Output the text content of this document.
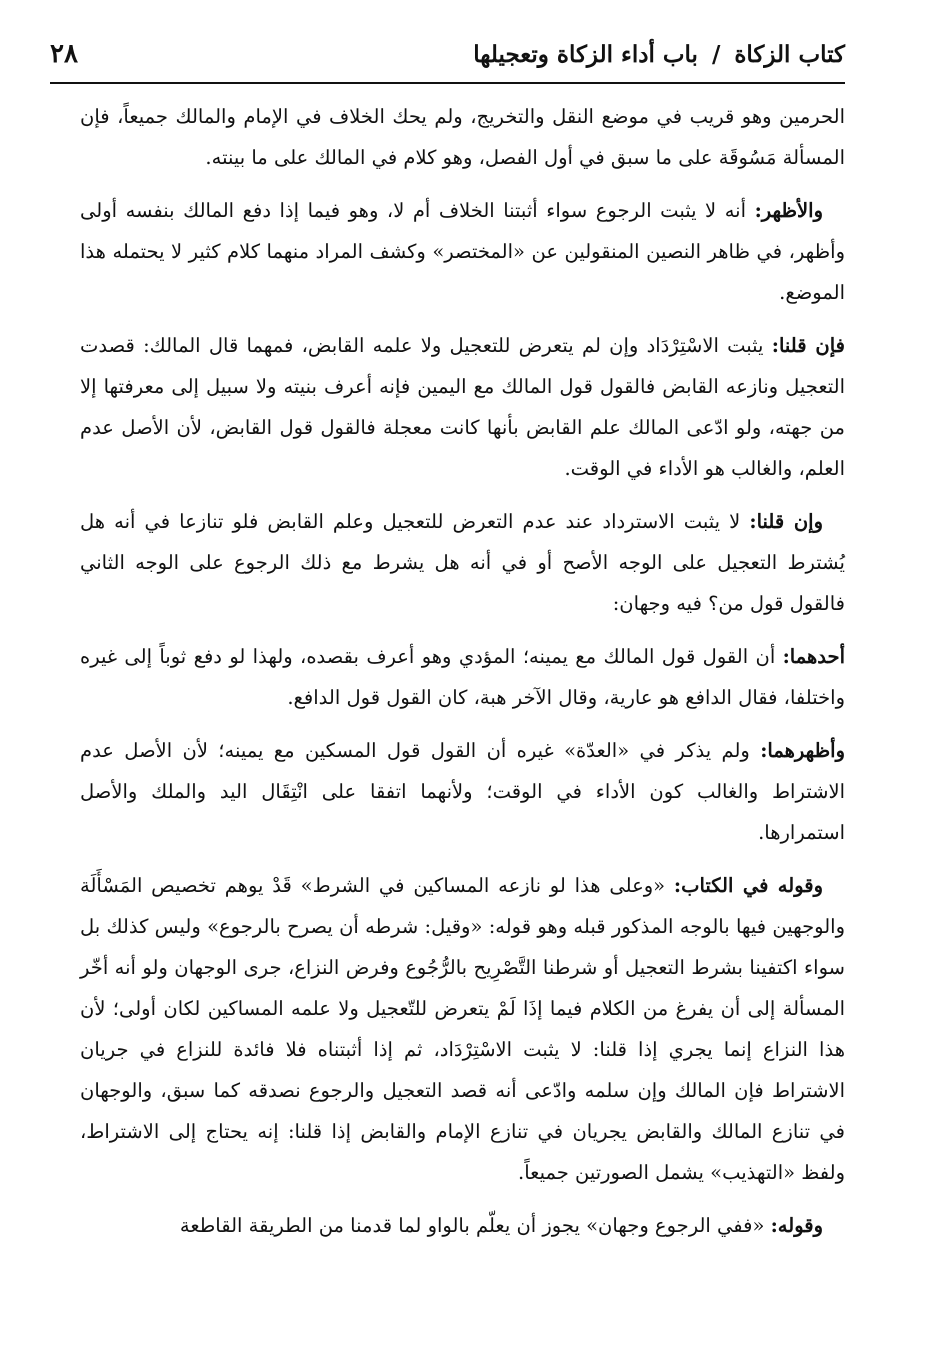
كتاب الزكاة
/
باب أداء الزكاة وتعجيلها
٢٨

الحرمين وهو قريب في موضع النقل والتخريج، ولم يحك الخلاف في الإمام والمالك جميعاً، فإن المسألة مَسُوقَة على ما سبق في أول الفصل، وهو كلام في المالك على ما بينته.

والأظهر: أنه لا يثبت الرجوع سواء أثبتنا الخلاف أم لا، وهو فيما إذا دفع المالك بنفسه أولى وأظهر، في ظاهر النصين المنقولين عن «المختصر» وكشف المراد منهما كلام كثير لا يحتمله هذا الموضع.

فإن قلنا: يثبت الاسْتِرْدَاد وإن لم يتعرض للتعجيل ولا علمه القابض، فمهما قال المالك: قصدت التعجيل ونازعه القابض فالقول قول المالك مع اليمين فإنه أعرف بنيته ولا سبيل إلى معرفتها إلا من جهته، ولو ادّعى المالك علم القابض بأنها كانت معجلة فالقول قول القابض، لأن الأصل عدم العلم، والغالب هو الأداء في الوقت.

وإن قلنا: لا يثبت الاسترداد عند عدم التعرض للتعجيل وعلم القابض فلو تنازعا في أنه هل يُشترط التعجيل على الوجه الأصح أو في أنه هل يشرط مع ذلك الرجوع على الوجه الثاني فالقول قول من؟ فيه وجهان:

أحدهما: أن القول قول المالك مع يمينه؛ المؤدي وهو أعرف بقصده، ولهذا لو دفع ثوباً إلى غيره واختلفا، فقال الدافع هو عارية، وقال الآخر هبة، كان القول قول الدافع.

وأظهرهما: ولم يذكر في «العدّة» غيره أن القول قول المسكين مع يمينه؛ لأن الأصل عدم الاشتراط والغالب كون الأداء في الوقت؛ ولأنهما اتفقا على انْتِقَال اليد والملك والأصل استمرارها.

وقوله في الكتاب: «وعلى هذا لو نازعه المساكين في الشرط» قَدْ يوهم تخصيص المَسْأَلَة والوجهين فيها بالوجه المذكور قبله وهو قوله: «وقيل: شرطه أن يصرح بالرجوع» وليس كذلك بل سواء اكتفينا بشرط التعجيل أو شرطنا التَّصْرِيح بالرُّجُوع وفرض النزاع، جرى الوجهان ولو أنه أخّر المسألة إلى أن يفرغ من الكلام فيما إذَا لَمْ يتعرض للتّعجيل ولا علمه المساكين لكان أولى؛ لأن هذا النزاع إنما يجري إذا قلنا: لا يثبت الاسْتِرْدَاد، ثم إذا أثبتناه فلا فائدة للنزاع في جريان الاشتراط فإن المالك وإن سلمه وادّعى أنه قصد التعجيل والرجوع نصدقه كما سبق، والوجهان في تنازع المالك والقابض يجريان في تنازع الإمام والقابض إذا قلنا: إنه يحتاج إلى الاشتراط، ولفظ «التهذيب» يشمل الصورتين جميعاً.

وقوله: «ففي الرجوع وجهان» يجوز أن يعلّم بالواو لما قدمنا من الطريقة القاطعة
